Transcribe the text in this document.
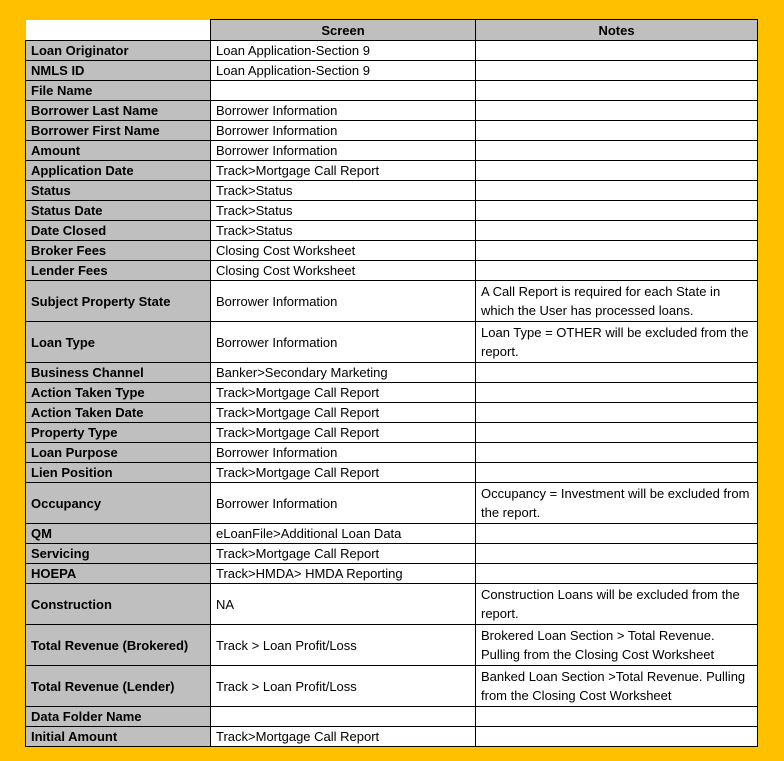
	Screen	Notes
Loan Originator	Loan Application-Section 9	
NMLS ID	Loan Application-Section 9	
File Name		
Borrower Last Name	Borrower Information	
Borrower First Name	Borrower Information	
Amount	Borrower Information	
Application Date	Track>Mortgage Call Report	
Status	Track>Status	
Status Date	Track>Status	
Date Closed	Track>Status	
Broker Fees	Closing Cost Worksheet	
Lender Fees	Closing Cost Worksheet	
Subject Property State	Borrower Information	A Call Report is required for each State in which the User has processed loans.
Loan Type	Borrower Information	Loan Type = OTHER will be excluded from the report.
Business Channel	Banker>Secondary Marketing	
Action Taken Type	Track>Mortgage Call Report	
Action Taken Date	Track>Mortgage Call Report	
Property Type	Track>Mortgage Call Report	
Loan Purpose	Borrower Information	
Lien Position	Track>Mortgage Call Report	
Occupancy	Borrower Information	Occupancy = Investment will be excluded from the report.
QM	eLoanFile>Additional Loan Data	
Servicing	Track>Mortgage Call Report	
HOEPA	Track>HMDA> HMDA Reporting	
Construction	NA	Construction Loans will be excluded from the report.
Total Revenue (Brokered)	Track > Loan Profit/Loss	Brokered Loan Section > Total Revenue. Pulling from the Closing Cost Worksheet
Total Revenue (Lender)	Track > Loan Profit/Loss	Banked Loan Section >Total Revenue. Pulling from the Closing Cost Worksheet
Data Folder Name		
Initial Amount	Track>Mortgage Call Report	
